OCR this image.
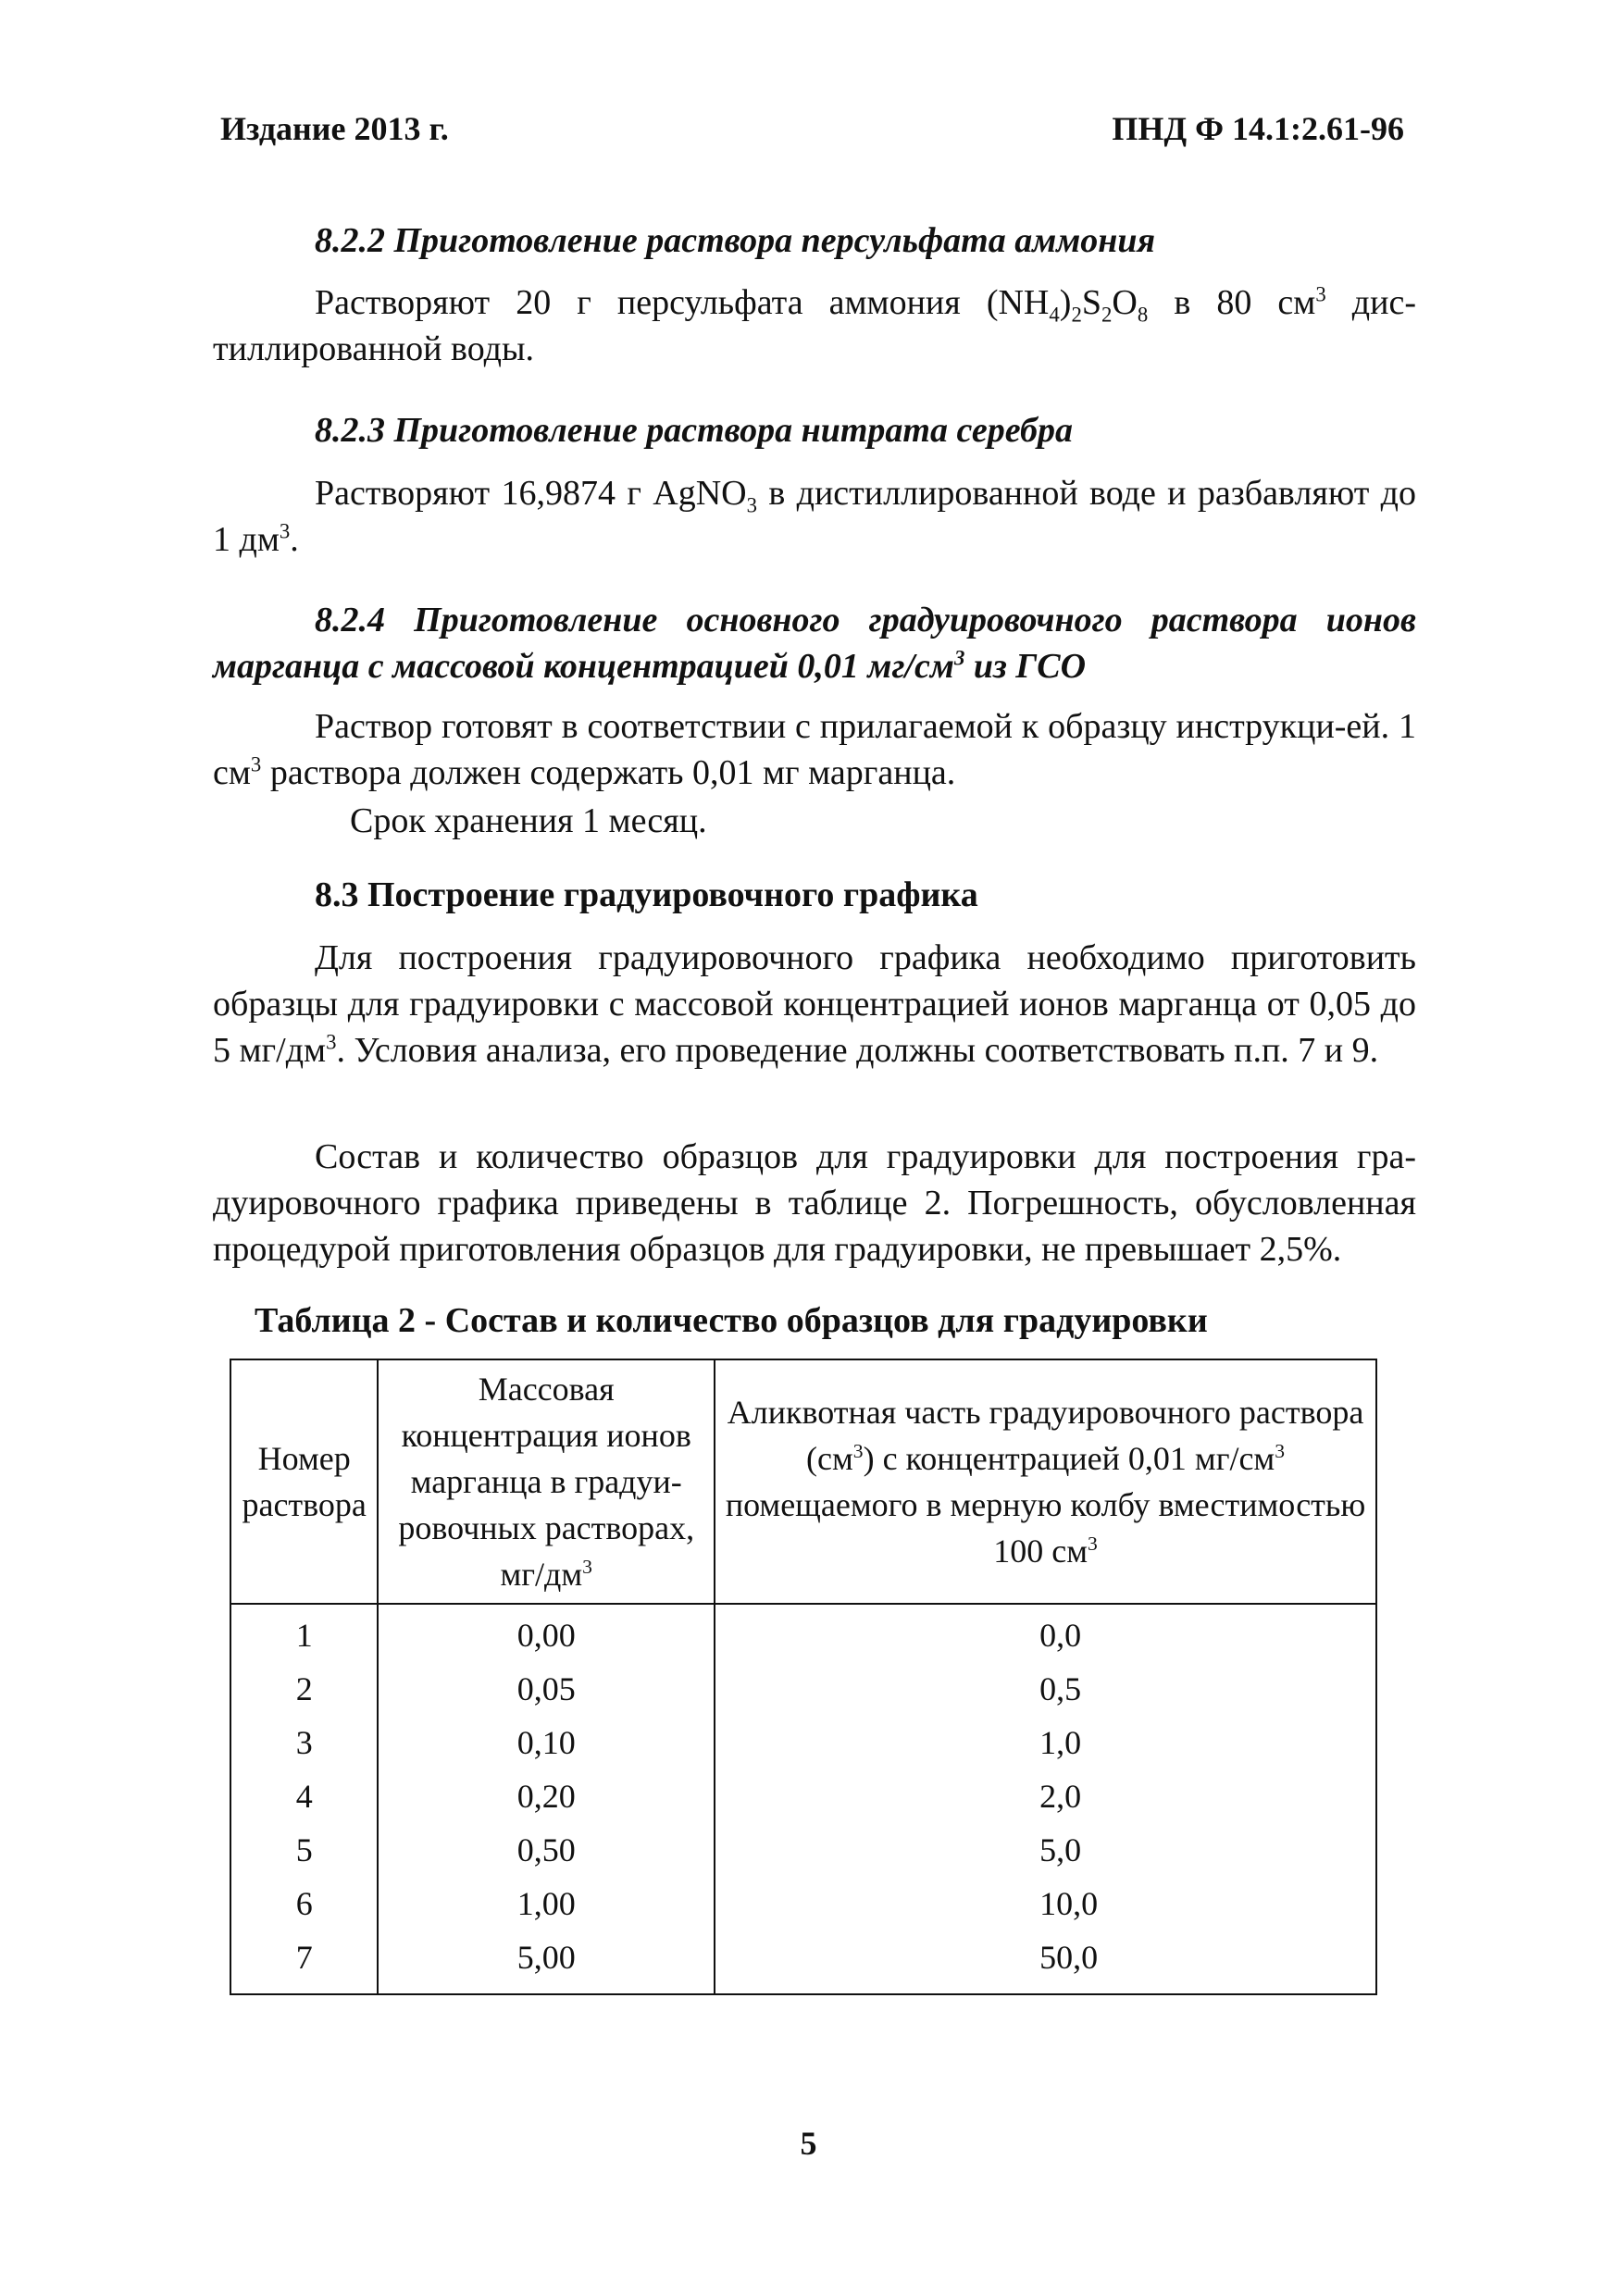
Издание 2013 г.	ПНД Ф 14.1:2.61-96
8.2.2 Приготовление раствора персульфата аммония
Растворяют 20 г персульфата аммония $(NH_4)_2S_2O_8$ в 80 $см^3$ дис-тиллированной воды.
8.2.3 Приготовление раствора нитрата серебра
Растворяют 16,9874 г AgNO$_3$ в дистиллированной воде и разбавляют до 1 $дм^3$.
8.2.4 Приготовление основного градуировочного раствора ионов марганца с массовой концентрацией 0,01 $мг/см^3$ из ГСО
Раствор готовят в соответствии с прилагаемой к образцу инструкци-ей. 1 $см^3$ раствора должен содержать 0,01 мг марганца.
Срок хранения 1 месяц.
8.3 Построение градуировочного графика
Для построения градуировочного графика необходимо приготовить образцы для градуировки с массовой концентрацией ионов марганца от 0,05 до 5 $мг/дм^3$. Условия анализа, его проведение должны соответствовать п.п. 7 и 9.
Состав и количество образцов для градуировки для построения гра-дуировочного графика приведены в таблице 2. Погрешность, обусловленная процедурой приготовления образцов для градуировки, не превышает 2,5%.
Таблица 2 - Состав и количество образцов для градуировки
Номер раствора	Массовая концентрация ионов марганца в градуи-ровочных растворах, $мг/дм^3$	Аликвотная часть градуировочного раствора $(см^3)$ с концентрацией 0,01 $мг/см^3$ помещаемого в мерную колбу вместимостью 100 $см^3$
1	0,00	0,0
2	0,05	0,5
3	0,10	1,0
4	0,20	2,0
5	0,50	5,0
6	1,00	10,0
7	5,00	50,0
5
